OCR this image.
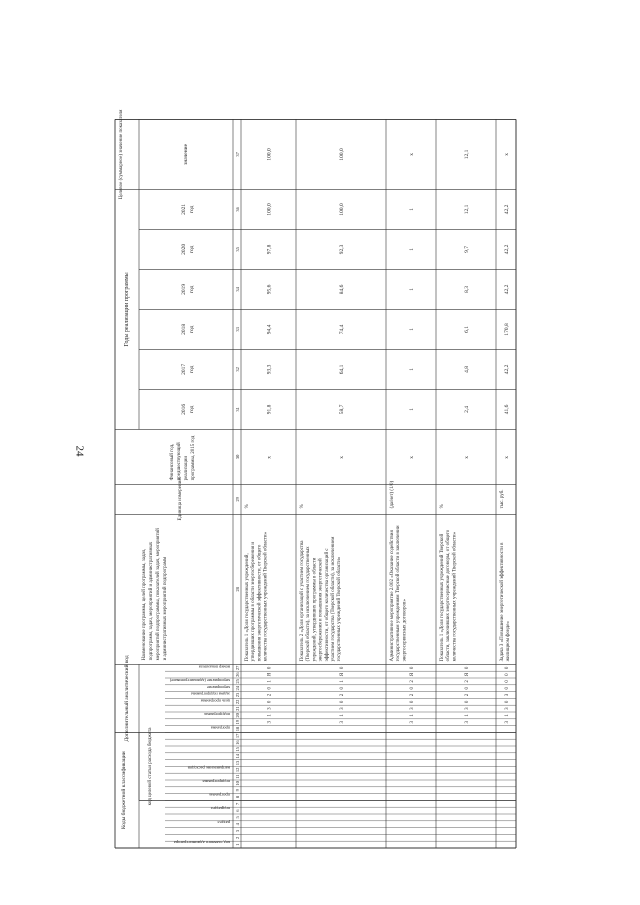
24
Коды бюджетной классификации	код целевой статьи расхода бюджета
Дополнительный аналитический код
Годы реализации программы
Целевое (суммарное) значение показателя	значение
Единица измерения
Финансовый год, предшествующий реализации программы, 2015 год
Наименование программы, целей программы, задач, подпрограмм, задач, мероприятий и административных мероприятий подпрограммы, показателей задач, мероприятий и административных мероприятий подпрограмм
2016 год
2017 год
2018 год
2019 год
2020 год
2021 год
код главного администратора
раздел
подраздел
программа
подпрограмма
направление расходов
программа
подпрограмма
цель программы
задача подпрограммы
мероприятие
мероприятие (административное)
номер показателя
1
2
3
4
5
6
7
8
9
10
11
12
13
14
15
16
17
18
19
20
21
22
23
24
25
26
27
28
29
30
31
32
33
34
35
36
37
3
1
3
0
2
0
1
Я
0
Показатель 1 «Доля государственных учреждений, утвердивших программы в области энергосбережения и повышения энергетической эффективности, от общего количества государственных учреждений Тверской области»
%
x
91,8
93,3
94,4
95,6
97,8
100,0
100,0
3
1
3
0
2
0
1
Я
0
Показатель 2 «Доля организаций с участием государства (Тверской области), за исключением государственных учреждений, утвердивших программы в области энергосбережения и повышения энергетической эффективности, от общего количества организаций с участием государства (Тверской области), за исключением государственных учреждений Тверской области»
%
x
58,7
64,1
74,4
84,6
92,3
100,0
100,0
3
1
3
0
2
0
2
Я
0
Административное мероприятие 2.002 «Оказание содействия государственным учреждениям Тверской области в заключении энергосервисных договоров»
(да/нет) (1/0)
x
1
1
1
1
1
1
x
3
1
3
0
2
0
2
Я
0
Показатель 1 «Доля государственных учреждений Тверской области, заключивших энергосервисные договоры, от общего количества государственных учреждений Тверской области»
%
x
2,4
4,8
6,1
8,3
9,7
12,1
12,1
3
1
3
0
3
0
0
0
0
Задача 3 «Повышение энергетической эффективности в жилищном фонде»
тыс. руб.
x
41,6
42,2
170,8
42,2
42,2
42,2
x
